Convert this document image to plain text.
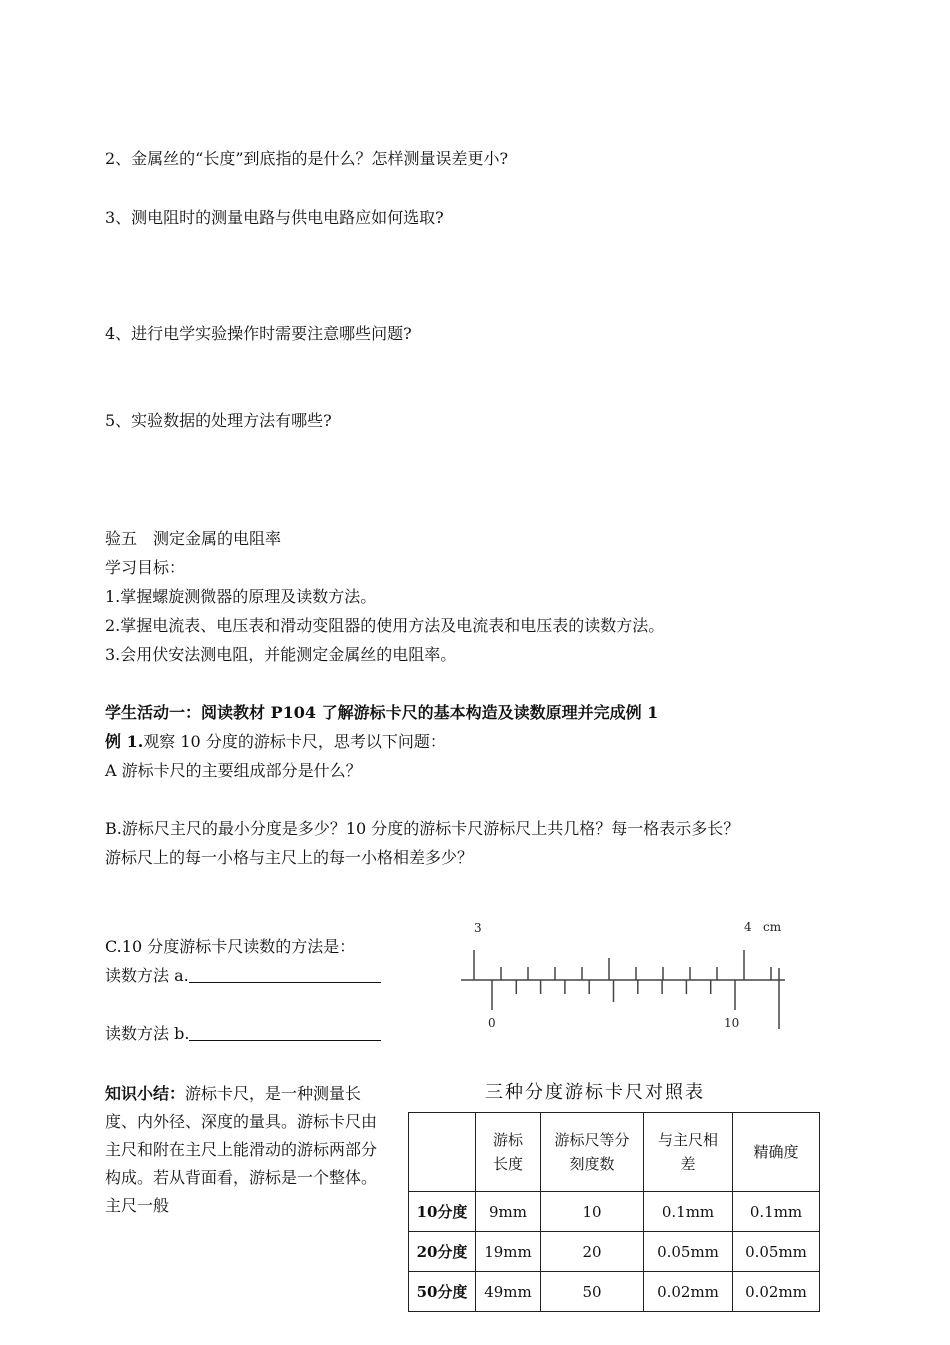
2、金属丝的“长度”到底指的是什么？怎样测量误差更小?
3、测电阻时的测量电路与供电电路应如何选取?
4、进行电学实验操作时需要注意哪些问题?
5、实验数据的处理方法有哪些?
验五　测定金属的电阻率
学习目标：
1.掌握螺旋测微器的原理及读数方法。
2.掌握电流表、电压表和滑动变阻器的使用方法及电流表和电压表的读数方法。
3.会用伏安法测电阻，并能测定金属丝的电阻率。
学生活动一：阅读教材 P104 了解游标卡尺的基本构造及读数原理并完成例 1
例 1.观察 10 分度的游标卡尺，思考以下问题：
A 游标卡尺的主要组成部分是什么？
B.游标尺主尺的最小分度是多少？10 分度的游标卡尺游标尺上共几格？每一格表示多长？
游标尺上的每一小格与主尺上的每一小格相差多少？
C.10 分度游标卡尺读数的方法是：
读数方法 a.
读数方法 b.
3	4 cm
0	10
知识小结：游标卡尺，是一种测量长度、内外径、深度的量具。游标卡尺由主尺和附在主尺上能滑动的游标两部分构成。若从背面看，游标是一个整体。主尺一般
三种分度游标卡尺对照表

	游标长度	游标尺等分刻度数	与主尺相　差	精确度
10分度	9mm	10	0.1mm	0.1mm
20分度	19mm	20	0.05mm	0.05mm
50分度	49mm	50	0.02mm	0.02mm
